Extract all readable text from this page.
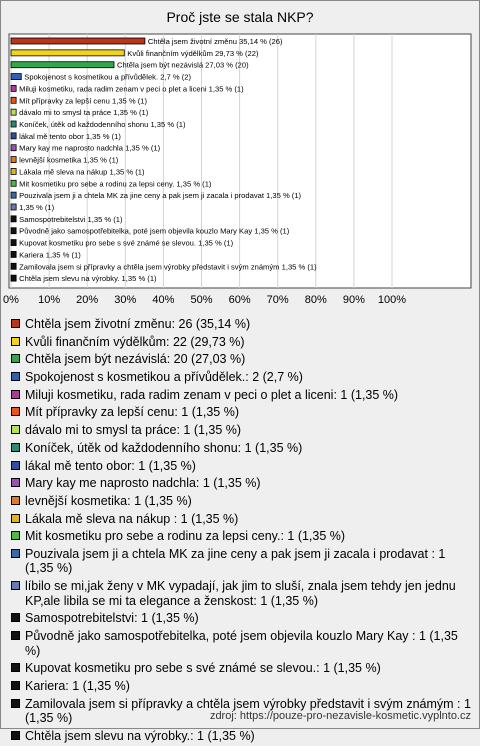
Proč jste se stala NKP?
0% 10% 20% 30% 40% 50% 60% 70% 80% 90% 100%
Chtěla jsem životní změnu 35,14 % (26)
Kvůli finančním výdělkům 29,73 % (22)
Chtěla jsem být nezávislá 27,03 % (20)
Spokojenost s kosmetikou a přívůdělek. 2,7 % (2)
Miluji kosmetiku, rada radim zenam v peci o plet a liceni 1,35 % (1)
Mít přípravky za lepší cenu 1,35 % (1)
dávalo mi to smysl ta práce 1,35 % (1)
Koníček, útěk od každodenního shonu 1,35 % (1)
lákal mě tento obor 1,35 % (1)
Mary kay me naprosto nadchla 1,35 % (1)
levnější kosmetika 1,35 % (1)
Lákala mě sleva na nákup 1,35 % (1)
Mit kosmetiku pro sebe a rodinu za lepsi ceny. 1,35 % (1)
Pouzivala jsem ji a chtela MK za jine ceny a pak jsem ji zacala i prodavat 1,35 % (1)
1,35 % (1)
Samospotrebitelstvi 1,35 % (1)
Původně jako samospotřebitelka, poté jsem objevila kouzlo Mary Kay 1,35 % (1)
Kupovat kosmetiku pro sebe s své známé se slevou. 1,35 % (1)
Kariera 1,35 % (1)
Zamilovala jsem si přípravky a chtěla jsem výrobky představit i svým známým 1,35 % (1)
Chtěla jsem slevu na výrobky. 1,35 % (1)
Chtěla jsem životní změnu: 26 (35,14 %)
Kvůli finančním výdělkům: 22 (29,73 %)
Chtěla jsem být nezávislá: 20 (27,03 %)
Spokojenost s kosmetikou a přívůdělek.: 2 (2,7 %)
Miluji kosmetiku, rada radim zenam v peci o plet a liceni: 1 (1,35 %)
Mít přípravky za lepší cenu: 1 (1,35 %)
dávalo mi to smysl ta práce: 1 (1,35 %)
Koníček, útěk od každodenního shonu: 1 (1,35 %)
lákal mě tento obor: 1 (1,35 %)
Mary kay me naprosto nadchla: 1 (1,35 %)
levnější kosmetika: 1 (1,35 %)
Lákala mě sleva na nákup : 1 (1,35 %)
Mit kosmetiku pro sebe a rodinu za lepsi ceny.: 1 (1,35 %)
Pouzivala jsem ji a chtela MK za jine ceny a pak jsem ji zacala i prodavat : 1 (1,35 %)
líbilo se mi,jak ženy v MK vypadají, jak jim to sluší, znala jsem tehdy jen jednu KP,ale libila se mi ta elegance a ženskost: 1 (1,35 %)
Samospotrebitelstvi: 1 (1,35 %)
Původně jako samospotřebitelka, poté jsem objevila kouzlo Mary Kay : 1 (1,35 %)
Kupovat kosmetiku pro sebe s své známé se slevou.: 1 (1,35 %)
Kariera: 1 (1,35 %)
Zamilovala jsem si přípravky a chtěla jsem výrobky představit i svým známým : 1 (1,35 %)
Chtěla jsem slevu na výrobky.: 1 (1,35 %)
zdroj: https://pouze-pro-nezavisle-kosmetic.vyplnto.cz
